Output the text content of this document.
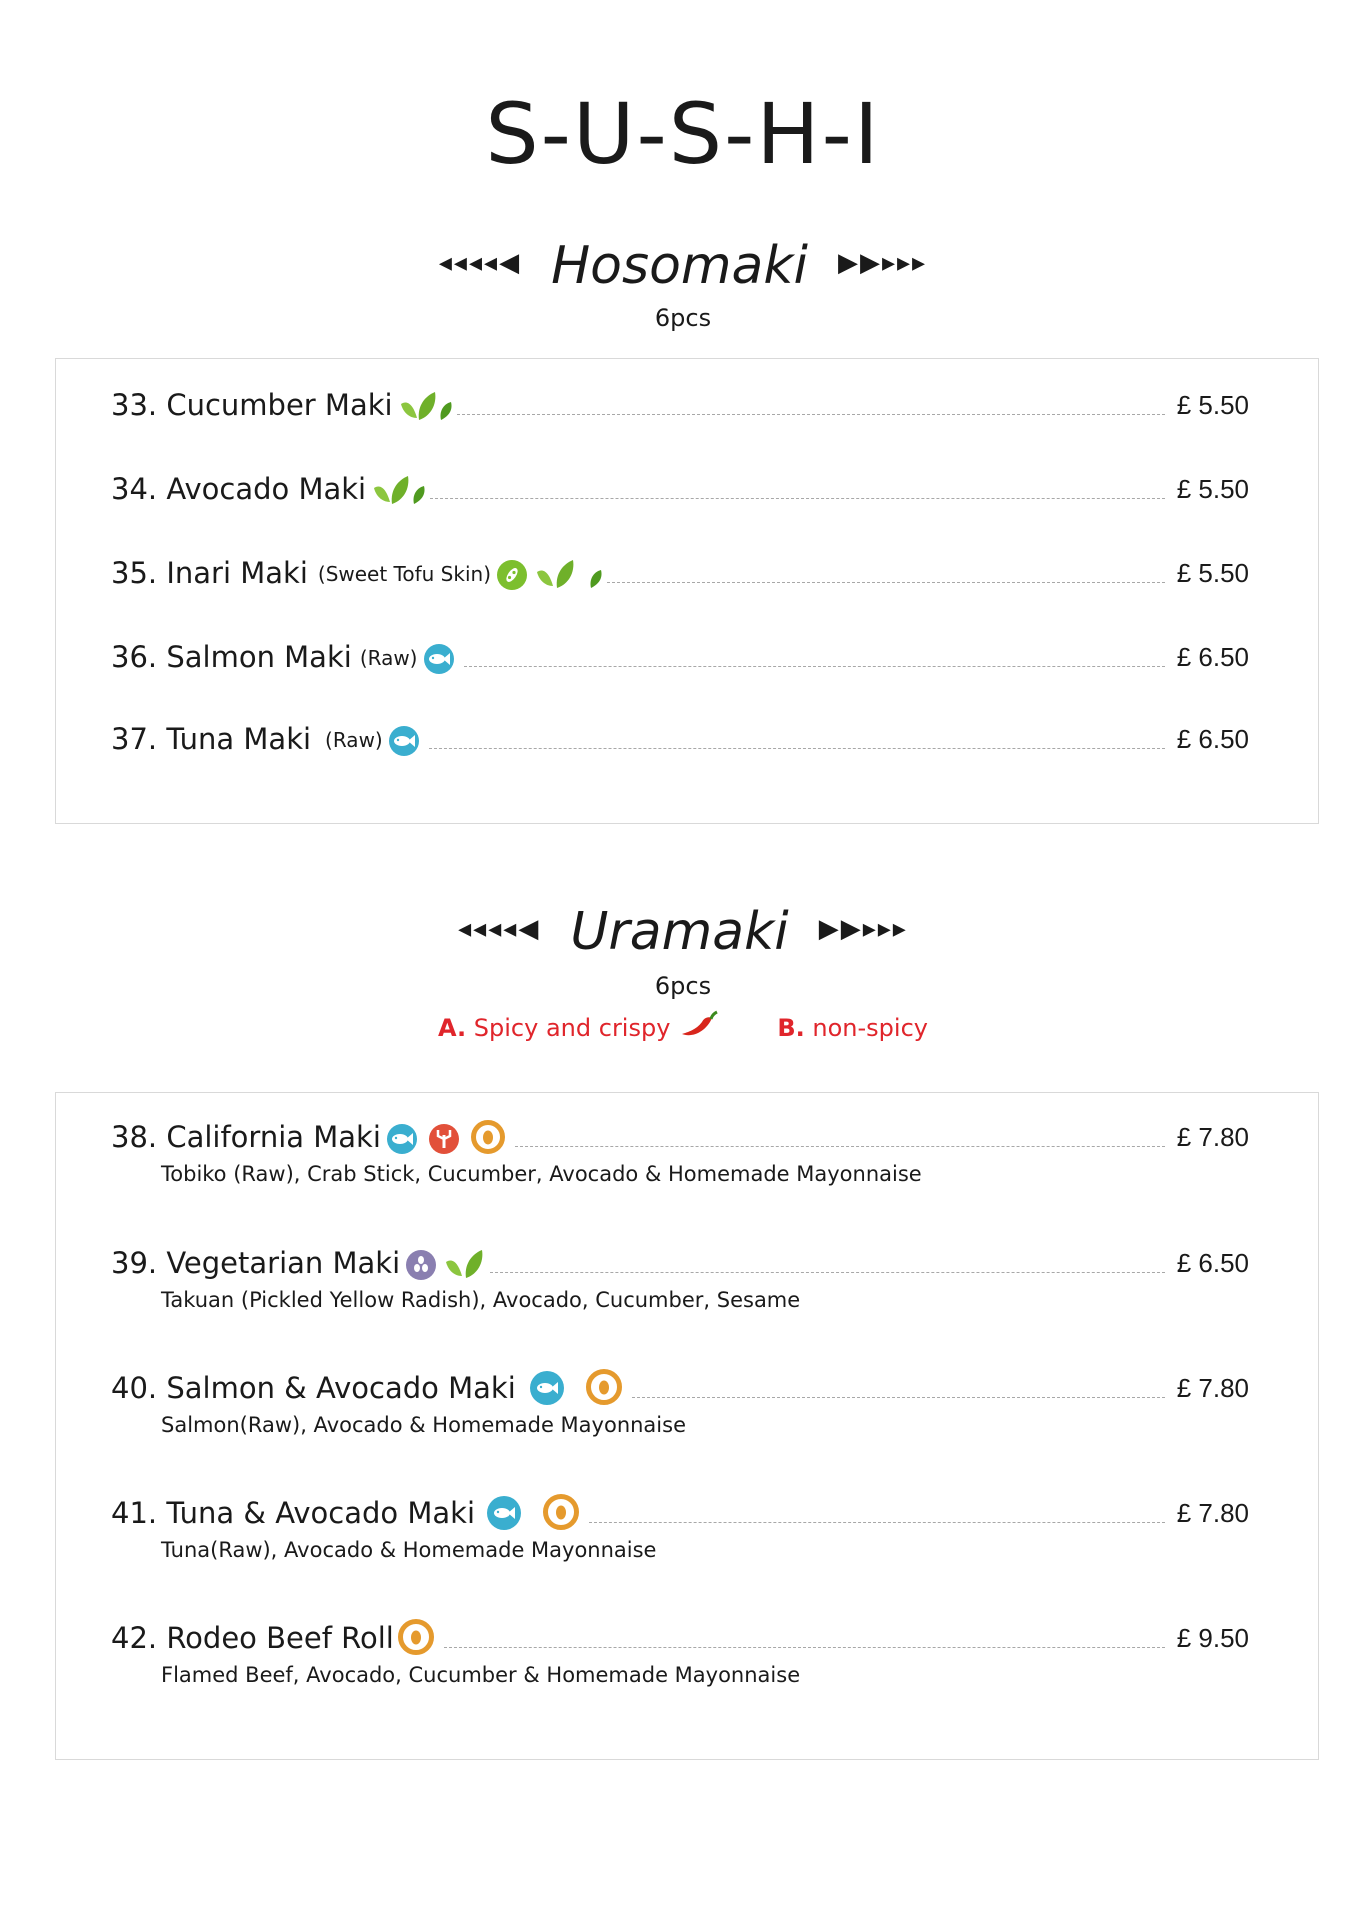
S-U-S-H-I
◂◂◂◂◀ Hosomaki ▶▶▸▸▸
6pcs
33. Cucumber Maki	£ 5.50
34. Avocado Maki	£ 5.50
35. Inari Maki (Sweet Tofu Skin)	£ 5.50
36. Salmon Maki (Raw)	£ 6.50
37. Tuna Maki (Raw)	£ 6.50
◂◂◂◂◀ Uramaki ▶▶▸▸▸
6pcs
A. Spicy and crispy	B. non-spicy
38. California Maki	£ 7.80
Tobiko (Raw), Crab Stick, Cucumber, Avocado & Homemade Mayonnaise
39. Vegetarian Maki	£ 6.50
Takuan (Pickled Yellow Radish), Avocado, Cucumber, Sesame
40. Salmon & Avocado Maki	£ 7.80
Salmon(Raw), Avocado & Homemade Mayonnaise
41. Tuna & Avocado Maki	£ 7.80
Tuna(Raw), Avocado & Homemade Mayonnaise
42. Rodeo Beef Roll	£ 9.50
Flamed Beef, Avocado, Cucumber & Homemade Mayonnaise
